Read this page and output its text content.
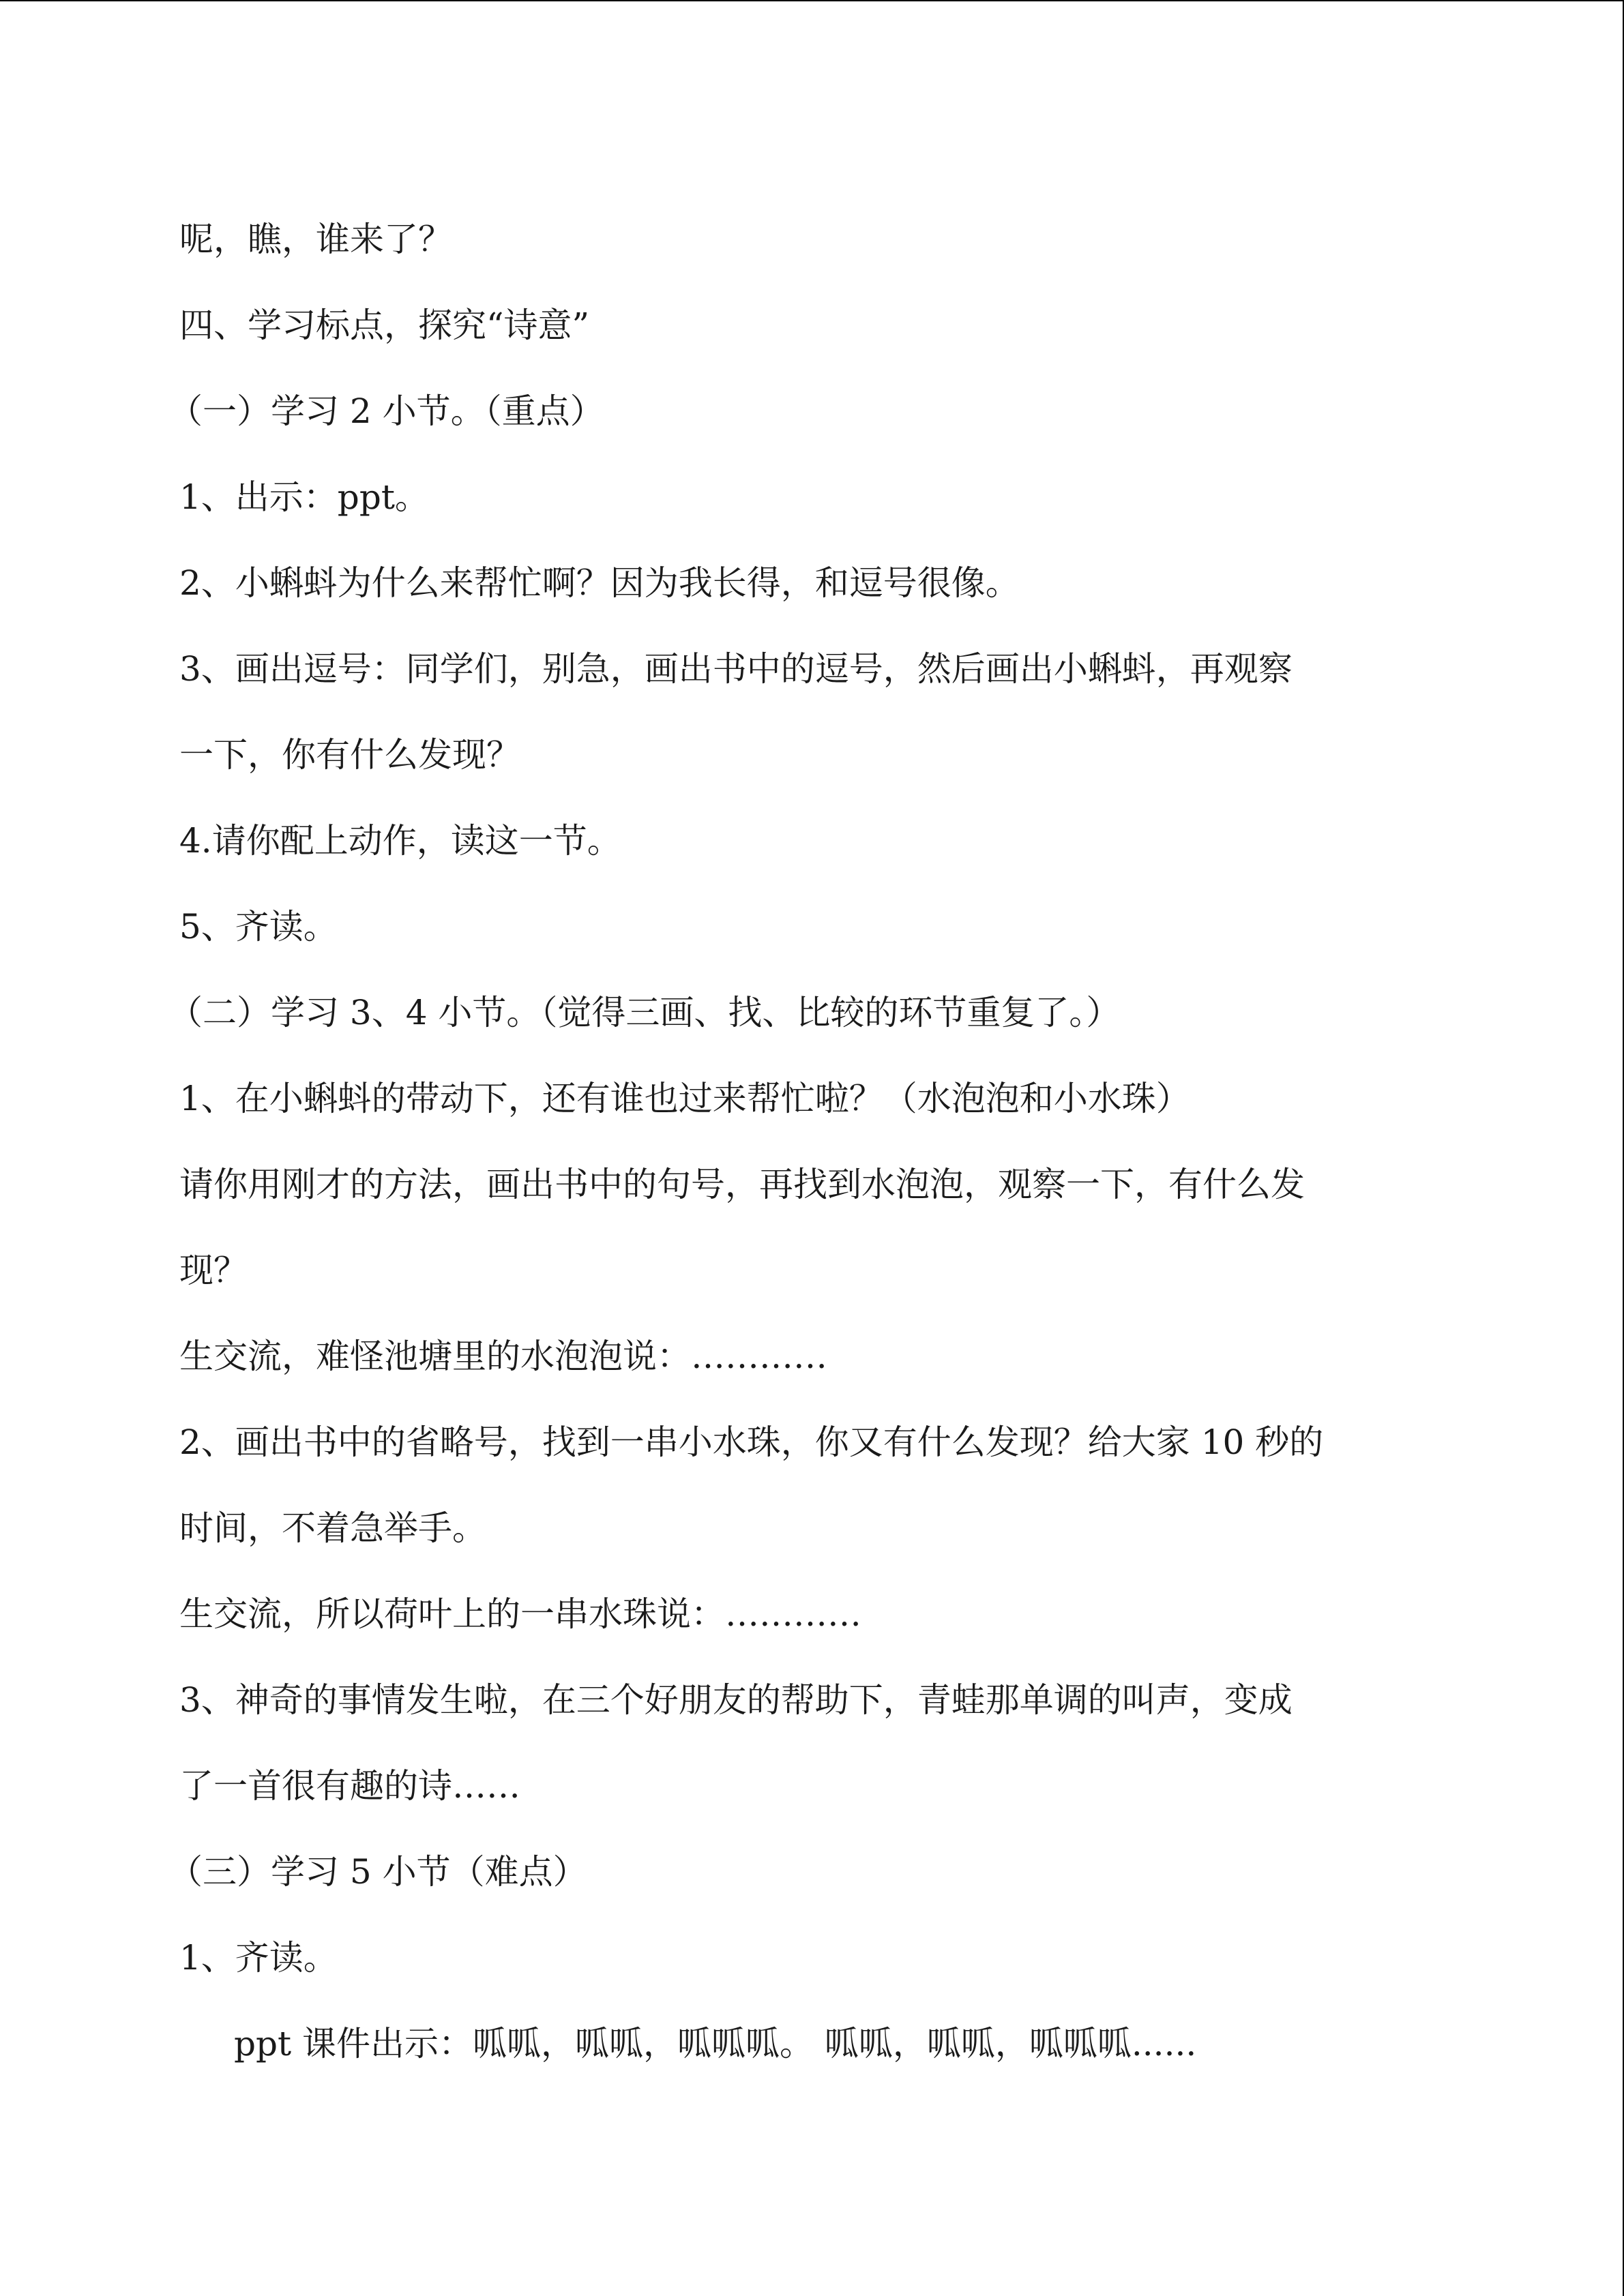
呢，瞧，谁来了？
四、学习标点，探究“诗意”
（一）学习 2 小节。（重点）
1、出示：ppt。
2、小蝌蚪为什么来帮忙啊？因为我长得，和逗号很像。
3、画出逗号：同学们，别急，画出书中的逗号，然后画出小蝌蚪，再观察
一下，你有什么发现？
4.请你配上动作，读这一节。
5、齐读。
（二）学习 3、4 小节。（觉得三画、找、比较的环节重复了。）
1、在小蝌蚪的带动下，还有谁也过来帮忙啦？（水泡泡和小水珠）
请你用刚才的方法，画出书中的句号，再找到水泡泡，观察一下，有什么发
现？
生交流，难怪池塘里的水泡泡说：…………
2、画出书中的省略号，找到一串小水珠，你又有什么发现？给大家 10 秒的
时间，不着急举手。
生交流，所以荷叶上的一串水珠说：…………
3、神奇的事情发生啦，在三个好朋友的帮助下，青蛙那单调的叫声，变成
了一首很有趣的诗……
（三）学习 5 小节（难点）
1、齐读。
ppt 课件出示：呱呱，呱呱，呱呱呱。 呱呱，呱呱，呱呱呱......
